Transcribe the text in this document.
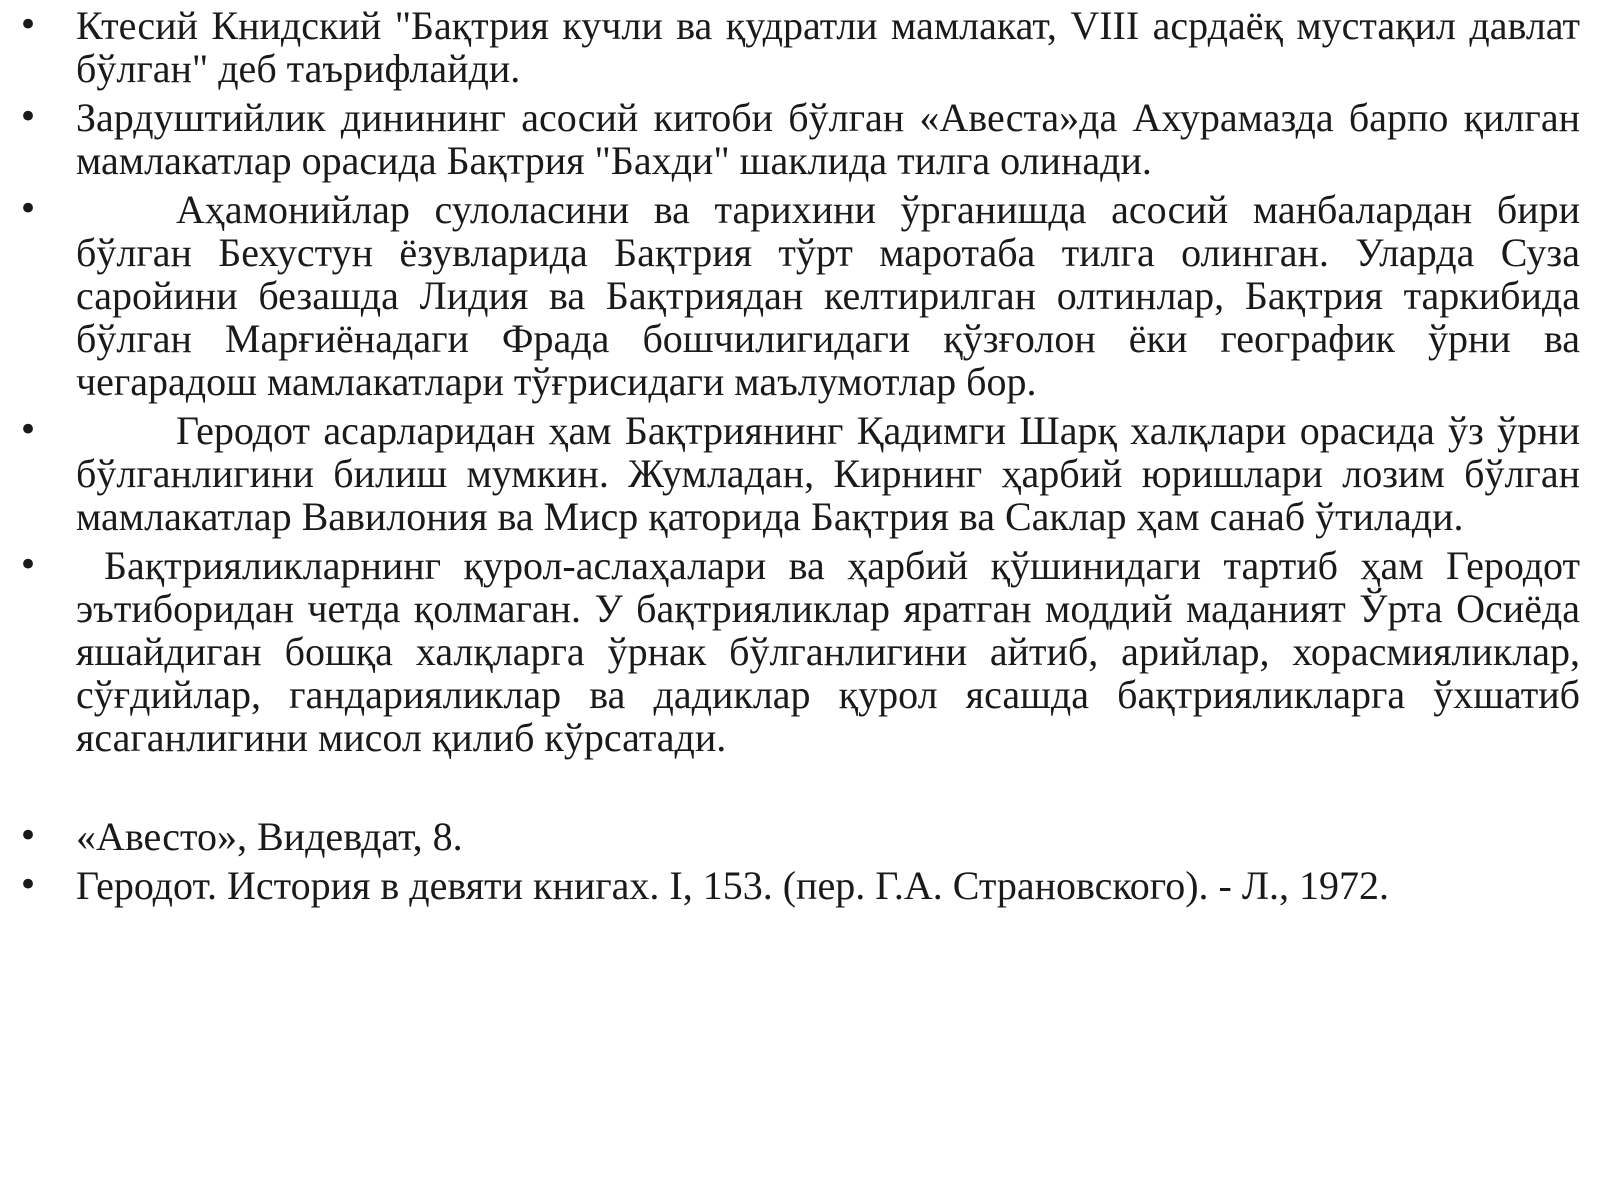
• Ктесий Книдский "Бақтрия кучли ва қудратли мамлакат, VIII асрдаёқ мустақил давлат бўлган" деб таърифлайди.
• Зардуштийлик динининг асосий китоби бўлган «Авеста»да Ахурамазда барпо қилган мамлакатлар орасида Бақтрия "Бахди" шаклида тилга олинади.
•	Аҳамонийлар сулоласини ва тарихини ўрганишда асосий манбалардан бири бўлган Бехустун ёзувларида Бақтрия тўрт маротаба тилга олинган. Уларда Суза саройини безашда Лидия ва Бақтриядан келтирилган олтинлар, Бақтрия таркибида бўлган Марғиёнадаги Фрада бошчилигидаги қўзғолон ёки географик ўрни ва чегарадош мамлакатлари тўғрисидаги маълумотлар бор.
•	Геродот асарларидан ҳам Бақтриянинг Қадимги Шарқ халқлари орасида ўз ўрни бўлганлигини билиш мумкин. Жумладан, Кирнинг ҳарбий юришлари лозим бўлган мамлакатлар Вавилония ва Миср қаторида Бақтрия ва Саклар ҳам санаб ўтилади.
•	Бақтрияликларнинг қурол-аслаҳалари ва ҳарбий қўшинидаги тартиб ҳам Геродот эътиборидан четда қолмаган. У бақтрияликлар яратган моддий маданият Ўрта Осиёда яшайдиган бошқа халқларга ўрнак бўлганлигини айтиб, арийлар, хорасмияликлар, сўғдийлар, гандарияликлар ва дадиклар қурол ясашда бақтрияликларга ўхшатиб ясаганлигини мисол қилиб кўрсатади.
• «Авесто», Видевдат, 8.
• Геродот. История в девяти книгах. I, 153. (пер. Г.А. Страновского). - Л., 1972.
